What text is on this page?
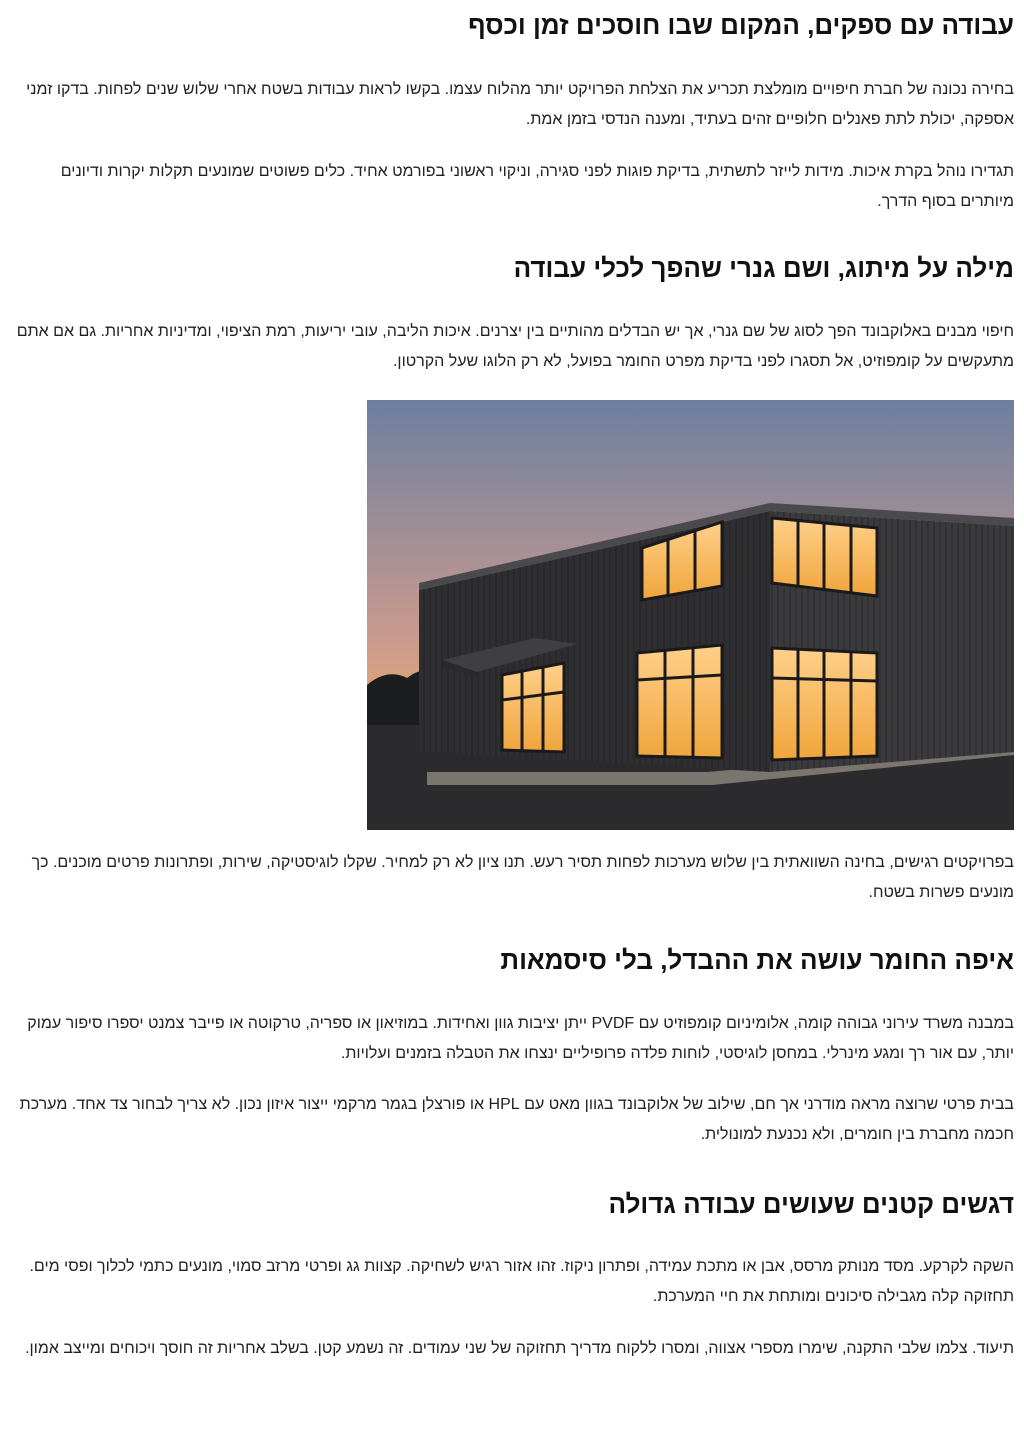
עבודה עם ספקים, המקום שבו חוסכים זמן וכסף

בחירה נכונה של חברת חיפויים מומלצת תכריע את הצלחת הפרויקט יותר מהלוח עצמו. בקשו לראות עבודות בשטח אחרי שלוש שנים לפחות. בדקו זמני אספקה, יכולת לתת פאנלים חלופיים זהים בעתיד, ומענה הנדסי בזמן אמת.

תגדירו נוהל בקרת איכות. מידות לייזר לתשתית, בדיקת פוגות לפני סגירה, וניקוי ראשוני בפורמט אחיד. כלים פשוטים שמונעים תקלות יקרות ודיונים מיותרים בסוף הדרך.

מילה על מיתוג, ושם גנרי שהפך לכלי עבודה

חיפוי מבנים באלוקבונד הפך לסוג של שם גנרי, אך יש הבדלים מהותיים בין יצרנים. איכות הליבה, עובי יריעות, רמת הציפוי, ומדיניות אחריות. גם אם אתם מתעקשים על קומפוזיט, אל תסגרו לפני בדיקת מפרט החומר בפועל, לא רק הלוגו שעל הקרטון.

בפרויקטים רגישים, בחינה השוואתית בין שלוש מערכות לפחות תסיר רעש. תנו ציון לא רק למחיר. שקלו לוגיסטיקה, שירות, ופתרונות פרטים מוכנים. כך מונעים פשרות בשטח.

איפה החומר עושה את ההבדל, בלי סיסמאות

במבנה משרד עירוני גבוהה קומה, אלומיניום קומפוזיט עם PVDF ייתן יציבות גוון ואחידות. במוזיאון או ספריה, טרקוטה או פייבר צמנט יספרו סיפור עמוק יותר, עם אור רך ומגע מינרלי. במחסן לוגיסטי, לוחות פלדה פרופיליים ינצחו את הטבלה בזמנים ועלויות.

בבית פרטי שרוצה מראה מודרני אך חם, שילוב של אלוקבונד בגוון מאט עם HPL או פורצלן בגמר מרקמי ייצור איזון נכון. לא צריך לבחור צד אחד. מערכת חכמה מחברת בין חומרים, ולא נכנעת למונולית.

דגשים קטנים שעושים עבודה גדולה

השקה לקרקע. מסד מנותק מרסס, אבן או מתכת עמידה, ופתרון ניקוז. זהו אזור רגיש לשחיקה. קצוות גג ופרטי מרזב סמוי, מונעים כתמי לכלוך ופסי מים. תחזוקה קלה מגבילה סיכונים ומותחת את חיי המערכת.

תיעוד. צלמו שלבי התקנה, שימרו מספרי אצווה, ומסרו ללקוח מדריך תחזוקה של שני עמודים. זה נשמע קטן. בשלב אחריות זה חוסך ויכוחים ומייצב אמון.
